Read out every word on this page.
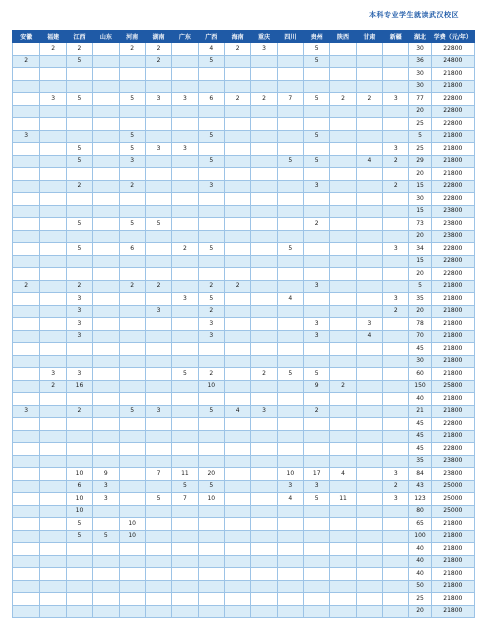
本科专业学生就读武汉校区
安徽	福建	江西	山东	河南	湖南	广东	广西	海南	重庆	四川	贵州	陕西	甘肃	新疆	湖北	学费（元/年）
	2	2		2	2		4	2	3		5				30	22800
2		5			2		5				5				36	24800
															30	21800
															30	21800
	3	5		5	3	3	6	2	2	7	5	2	2	3	77	22800
															20	22800
															25	22800
3				5			5				5				5	21800
		5		5	3	3								3	25	21800
		5		3			5			5	5		4	2	29	21800
															20	21800
		2		2			3				3			2	15	22800
															30	22800
															15	23800
		5		5	5						2				73	23800
															20	23800
		5		6		2	5			5				3	34	22800
															15	22800
															20	22800
2		2		2	2		2	2			3				5	21800
		3				3	5			4				3	35	21800
		3			3		2							2	20	21800
		3					3				3		3		78	21800
		3					3				3		4		70	21800
															45	21800
															30	21800
	3	3				5	2		2	5	5				60	21800
	2	16					10				9	2			150	25800
															40	21800
3		2		5	3		5	4	3		2				21	21800
															45	22800
															45	21800
															45	22800
															35	23800
		10	9		7	11	20			10	17	4		3	84	23800
		6	3			5	5			3	3			2	43	25000
		10	3		5	7	10			4	5	11		3	123	25000
		10													80	25000
		5		10											65	21800
		5	5	10											100	21800
															40	21800
															40	21800
															40	21800
															50	21800
															25	21800
															20	21800
